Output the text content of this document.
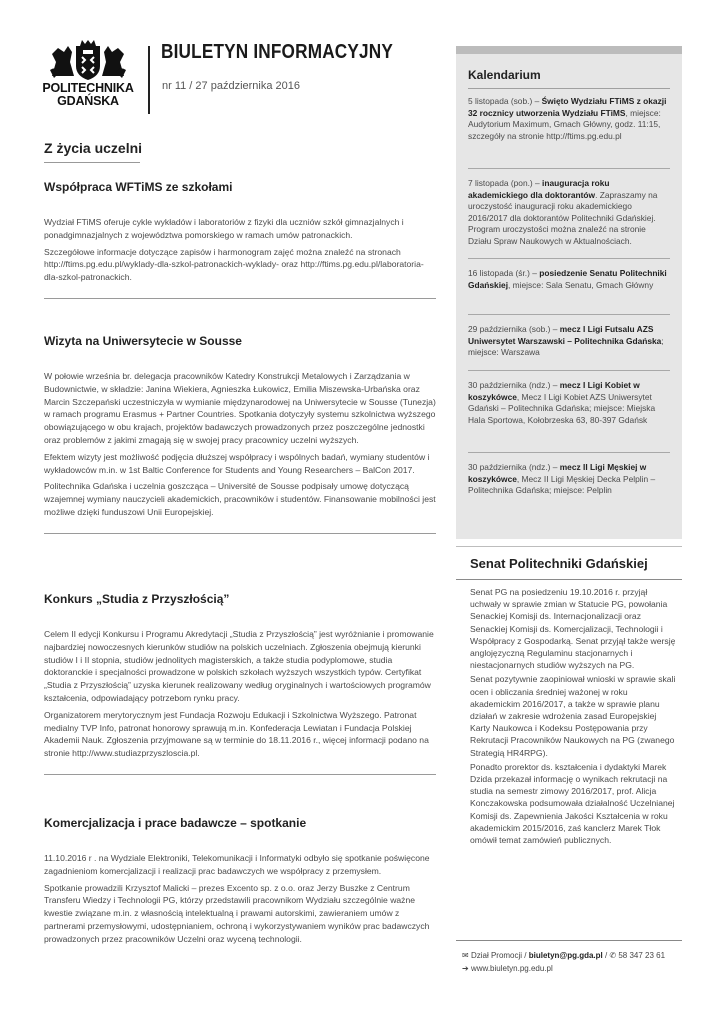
POLITECHNIKA
GDAŃSKA
BIULETYN INFORMACYJNY
nr 11 / 27 października 2016
Z życia uczelni
Współpraca WFTiMS ze szkołami

Wydział FTiMS oferuje cykle wykładów i laboratoriów z fizyki dla uczniów szkół gimnazjalnych i ponadgimnazjalnych z województwa pomorskiego w ramach umów patronackich.

Szczegółowe informacje dotyczące zapisów i harmonogram zajęć można znaleźć na stronach http://ftims.pg.edu.pl/wyklady-dla-szkol-patronackich-wyklady- oraz http://ftims.pg.edu.pl/laboratoria-dla-szkol-patronackich.

Wizyta na Uniwersytecie w Sousse

W połowie września br. delegacja pracowników Katedry Konstrukcji Metalowych i Zarządzania w Budownictwie, w składzie: Janina Wiekiera, Agnieszka Łukowicz, Emilia Miszewska-Urbańska oraz Marcin Szczepański uczestniczyła w wymianie międzynarodowej na Uniwersytecie w Sousse (Tunezja) w ramach programu Erasmus + Partner Countries. Spotkania dotyczyły systemu szkolnictwa wyższego obowiązującego w obu krajach, projektów badawczych prowadzonych przez poszczególne jednostki oraz problemów z jakimi zmagają się w swojej pracy pracownicy uczelni wyższych.

Efektem wizyty jest możliwość podjęcia dłuższej współpracy i wspólnych badań, wymiany studentów i wykładowców m.in. w 1st Baltic Conference for Students and Young Researchers – BalCon 2017.

Politechnika Gdańska i uczelnia goszcząca – Université de Sousse podpisały umowę dotyczącą wzajemnej wymiany nauczycieli akademickich, pracowników i studentów. Finansowanie mobilności jest możliwe dzięki funduszowi Unii Europejskiej.

Konkurs „Studia z Przyszłością”

Celem II edycji Konkursu i Programu Akredytacji „Studia z Przyszłością” jest wyróżnianie i promowanie najbardziej nowoczesnych kierunków studiów na polskich uczelniach. Zgłoszenia obejmują kierunki studiów I i II stopnia, studiów jednolitych magisterskich, a także studia podyplomowe, studia doktoranckie i specjalności prowadzone w polskich szkołach wyższych wszystkich typów. Certyfikat „Studia z Przyszłością” uzyska kierunek realizowany według oryginalnych i wartościowych programów kształcenia, odpowiadający potrzebom rynku pracy.

Organizatorem merytorycznym jest Fundacja Rozwoju Edukacji i Szkolnictwa Wyższego. Patronat medialny TVP Info, patronat honorowy sprawują m.in. Konfederacja Lewiatan i Fundacja Polskiej Akademii Nauk. Zgłoszenia przyjmowane są w terminie do 18.11.2016 r., więcej informacji podano na stronie http://www.studiazprzyszloscia.pl.

Komercjalizacja i prace badawcze – spotkanie

11.10.2016 r . na Wydziale Elektroniki, Telekomunikacji i Informatyki odbyło się spotkanie poświęcone zagadnieniom komercjalizacji i realizacji prac badawczych we współpracy z przemysłem.

Spotkanie prowadzili Krzysztof Malicki – prezes Excento sp. z o.o. oraz Jerzy Buszke z Centrum Transferu Wiedzy i Technologii PG, którzy przedstawili pracownikom Wydziału szczególnie ważne kwestie związane m.in. z własnością intelektualną i prawami autorskimi, zawieraniem umów z partnerami przemysłowymi, udostępnianiem, ochroną i wykorzystywaniem wyników prac badawczych prowadzonych przez pracowników Uczelni oraz wyceną technologii.

Kalendarium
5 listopada (sob.) – Święto Wydziału FTiMS z okazji 32 rocznicy utworzenia Wydziału FTiMS, miejsce: Audytorium Maximum, Gmach Główny, godz. 11:15, szczegóły na stronie http://ftims.pg.edu.pl
7 listopada (pon.) – inauguracja roku akademickiego dla doktorantów. Zapraszamy na uroczystość inauguracji roku akademickiego 2016/2017 dla doktorantów Politechniki Gdańskiej. Program uroczystości można znaleźć na stronie Działu Spraw Naukowych w Aktualnościach.
16 listopada (śr.) – posiedzenie Senatu Politechniki Gdańskiej, miejsce: Sala Senatu, Gmach Główny
29 października (sob.) – mecz I Ligi Futsalu AZS Uniwersytet Warszawski – Politechnika Gdańska; miejsce: Warszawa
30 października (ndz.) – mecz I Ligi Kobiet w koszykówce, Mecz I Ligi Kobiet AZS Uniwersytet Gdański – Politechnika Gdańska; miejsce: Miejska Hala Sportowa, Kołobrzeska 63, 80-397 Gdańsk
30 października (ndz.) – mecz II Ligi Męskiej w koszykówce, Mecz II Ligi Męskiej Decka Pelplin – Politechnika Gdańska; miejsce: Pelplin
Senat Politechniki Gdańskiej

Senat PG na posiedzeniu 19.10.2016 r. przyjął uchwały w sprawie zmian w Statucie PG, powołania Senackiej Komisji ds. Internacjonalizacji oraz Senackiej Komisji ds. Komercjalizacji, Technologii i Współpracy z Gospodarką. Senat przyjął także wersję anglojęzyczną Regulaminu stacjonarnych i niestacjonarnych studiów wyższych na PG.

Senat pozytywnie zaopiniował wnioski w sprawie skali ocen i obliczania średniej ważonej w roku akademickim 2016/2017, a także w sprawie planu działań w zakresie wdrożenia zasad Europejskiej Karty Naukowca i Kodeksu Postępowania przy Rekrutacji Pracowników Naukowych na PG (zwanego Strategią HR4RPG).

Ponadto prorektor ds. kształcenia i dydaktyki Marek Dzida przekazał informację o wynikach rekrutacji na studia na semestr zimowy 2016/2017, prof. Alicja Konczakowska podsumowała działalność Uczelnianej Komisji ds. Zapewnienia Jakości Kształcenia w roku akademickim 2015/2016, zaś kanclerz Marek Tłok omówił temat zamówień publicznych.

✉ Dział Promocji / biuletyn@pg.gda.pl / ✆ 58 347 23 61
➔ www.biuletyn.pg.edu.pl
